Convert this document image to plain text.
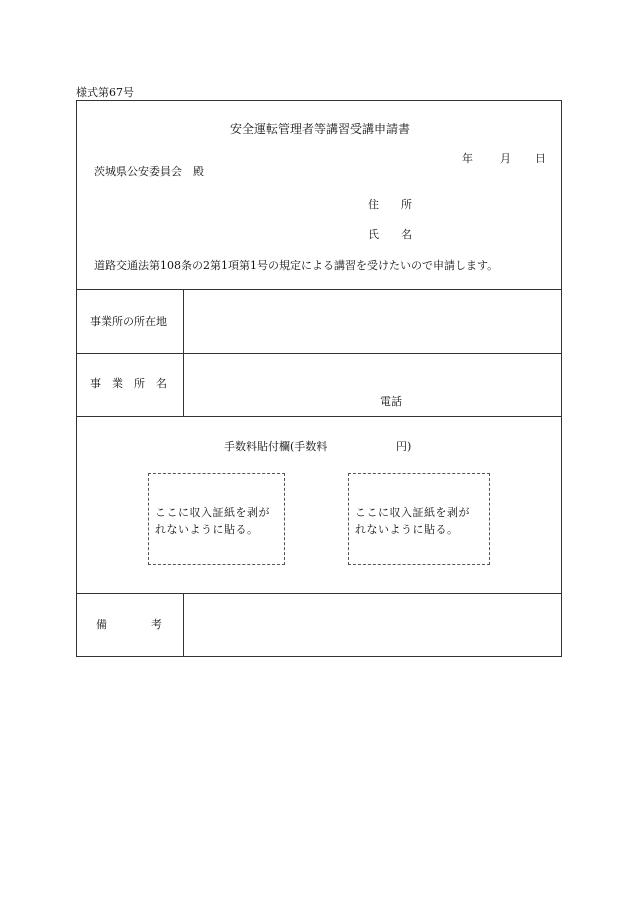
様式第67号
安全運転管理者等講習受講申請書
年 月 日
茨城県公安委員会　殿
住　　所
氏　　名
道路交通法第108条の2第1項第1号の規定による講習を受けたいので申請します。
事業所の所在地
事　業　所　名
電話
手数料貼付欄(手数料	円)
ここに収入証紙を剥が
れないように貼る。
ここに収入証紙を剥が
れないように貼る。
備　　　　考
